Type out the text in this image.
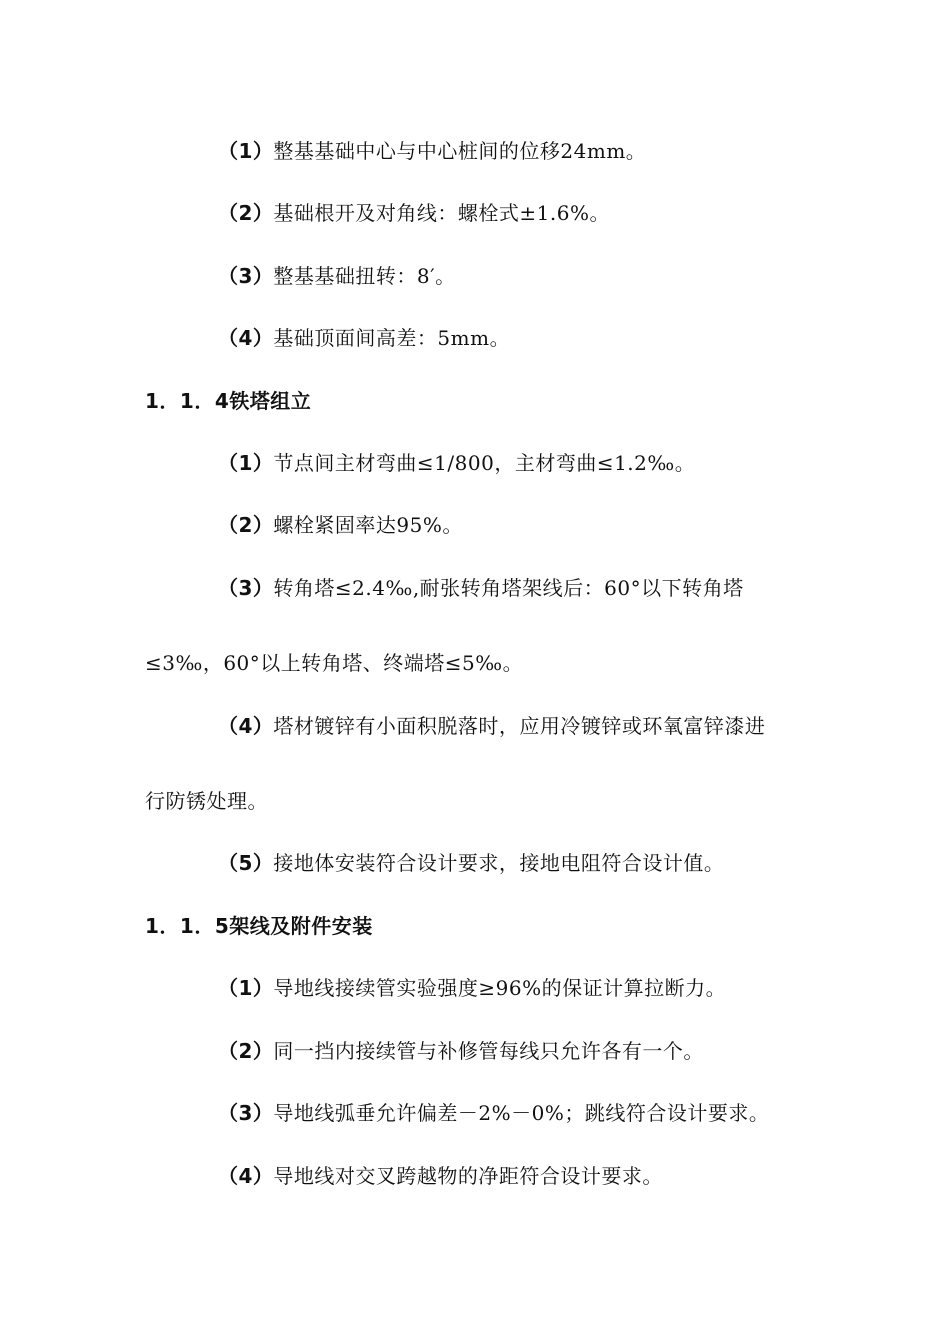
（1）整基基础中心与中心桩间的位移24mm。
（2）基础根开及对角线：螺栓式±1.6%。
（3）整基基础扭转：8′。
（4）基础顶面间高差：5mm。
1．1．4铁塔组立
（1）节点间主材弯曲≤1/800，主材弯曲≤1.2‰。
（2）螺栓紧固率达95%。
（3）转角塔≤2.4‰,耐张转角塔架线后：60°以下转角塔
≤3‰，60°以上转角塔、终端塔≤5‰。
（4）塔材镀锌有小面积脱落时，应用冷镀锌或环氧富锌漆进
行防锈处理。
（5）接地体安装符合设计要求，接地电阻符合设计值。
1．1．5架线及附件安装
（1）导地线接续管实验强度≥96%的保证计算拉断力。
（2）同一挡内接续管与补修管每线只允许各有一个。
（3）导地线弧垂允许偏差－2%－0%；跳线符合设计要求。
（4）导地线对交叉跨越物的净距符合设计要求。
